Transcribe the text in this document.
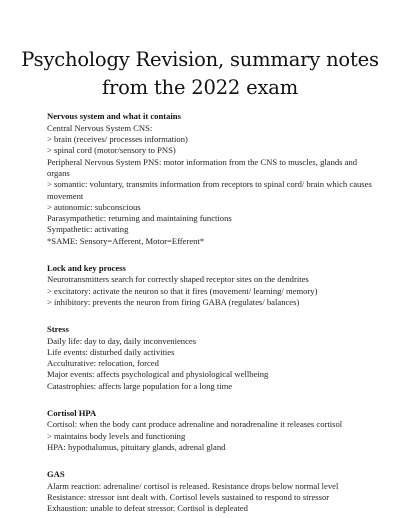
Psychology Revision, summary notes
from the 2022 exam
Nervous system and what it contains
Central Nervous System CNS:
> brain (receives/ processes information)
> spinal cord (motor/sensory to PNS)
Peripheral Nervous System PNS: motor information from the CNS to muscles, glands and organs
> somantic: voluntary, transmits information from receptors to spinal cord/ brain which causes movement
> autonomic: subconscious
Parasympathetic: returning and maintaining functions
Sympathetic: activating
*SAME: Sensory=Afferent, Motor=Efferent*
Lock and key process
Neurotransmitters search for correctly shaped receptor sites on the dendrites
> excitatory: activate the neuron so that it fires (movement/ learning/ memory)
> inhibitory: prevents the neuron from firing GABA (regulates/ balances)
Stress
Daily life: day to day, daily inconveniences
Life events: disturbed daily activities
Acculturative: relocation, forced
Major events: affects psychological and physiological wellbeing
Catastrophies: affects large population for a long time
Cortisol HPA
Cortisol: when the body cant produce adrenaline and noradrenaline it releases cortisol
> maintains body levels and functioning
HPA: hypothalumus, pituitary glands, adrenal gland
GAS
Alarm reaction: adrenaline/ cortisol is released. Resistance drops below normal level
Resistance: stressor isnt dealt with. Cortisol levels sustained to respond to stressor
Exhaustion: unable to defeat stressor. Cortisol is depleated
